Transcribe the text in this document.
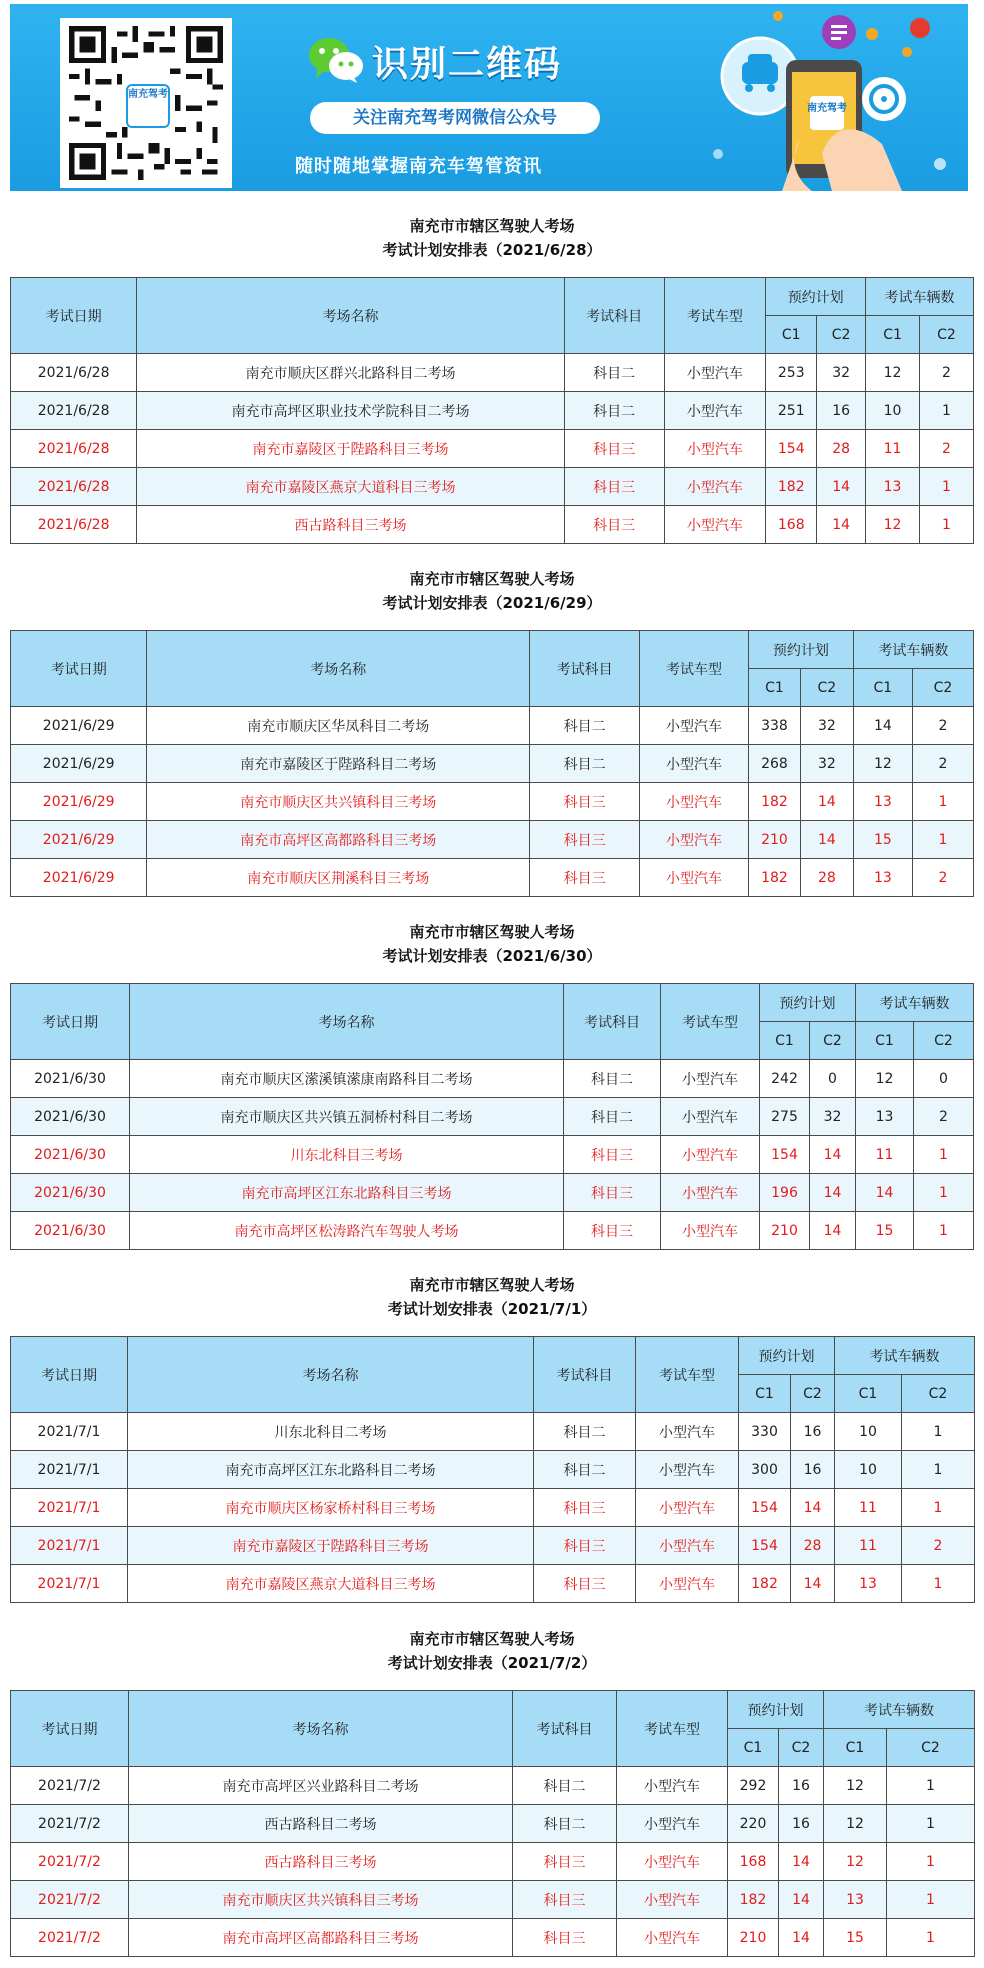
南充驾考
识别二维码
关注南充驾考网微信公众号
随时随地掌握南充车驾管资讯
南充驾考
南充市市辖区驾驶人考场
考试计划安排表（2021/6/28）
考试日期	考场名称	考试科目	考试车型	预约计划		考试车辆数	
				C1	C2	C1	C2
2021/6/28	南充市顺庆区群兴北路科目二考场	科目二	小型汽车	253	32	12	2
2021/6/28	南充市高坪区职业技术学院科目二考场	科目二	小型汽车	251	16	10	1
2021/6/28	南充市嘉陵区于陛路科目三考场	科目三	小型汽车	154	28	11	2
2021/6/28	南充市嘉陵区燕京大道科目三考场	科目三	小型汽车	182	14	13	1
2021/6/28	西古路科目三考场	科目三	小型汽车	168	14	12	1
南充市市辖区驾驶人考场
考试计划安排表（2021/6/29）
考试日期	考场名称	考试科目	考试车型	预约计划		考试车辆数	
				C1	C2	C1	C2
2021/6/29	南充市顺庆区华凤科目二考场	科目二	小型汽车	338	32	14	2
2021/6/29	南充市嘉陵区于陛路科目二考场	科目二	小型汽车	268	32	12	2
2021/6/29	南充市顺庆区共兴镇科目三考场	科目三	小型汽车	182	14	13	1
2021/6/29	南充市高坪区高都路科目三考场	科目三	小型汽车	210	14	15	1
2021/6/29	南充市顺庆区荆溪科目三考场	科目三	小型汽车	182	28	13	2
南充市市辖区驾驶人考场
考试计划安排表（2021/6/30）
考试日期	考场名称	考试科目	考试车型	预约计划		考试车辆数	
				C1	C2	C1	C2
2021/6/30	南充市顺庆区潆溪镇潆康南路科目二考场	科目二	小型汽车	242	0	12	0
2021/6/30	南充市顺庆区共兴镇五洞桥村科目二考场	科目二	小型汽车	275	32	13	2
2021/6/30	川东北科目三考场	科目三	小型汽车	154	14	11	1
2021/6/30	南充市高坪区江东北路科目三考场	科目三	小型汽车	196	14	14	1
2021/6/30	南充市高坪区松涛路汽车驾驶人考场	科目三	小型汽车	210	14	15	1
南充市市辖区驾驶人考场
考试计划安排表（2021/7/1）
考试日期	考场名称	考试科目	考试车型	预约计划		考试车辆数	
				C1	C2	C1	C2
2021/7/1	川东北科目二考场	科目二	小型汽车	330	16	10	1
2021/7/1	南充市高坪区江东北路科目二考场	科目二	小型汽车	300	16	10	1
2021/7/1	南充市顺庆区杨家桥村科目三考场	科目三	小型汽车	154	14	11	1
2021/7/1	南充市嘉陵区于陛路科目三考场	科目三	小型汽车	154	28	11	2
2021/7/1	南充市嘉陵区燕京大道科目三考场	科目三	小型汽车	182	14	13	1
南充市市辖区驾驶人考场
考试计划安排表（2021/7/2）
考试日期	考场名称	考试科目	考试车型	预约计划		考试车辆数	
				C1	C2	C1	C2
2021/7/2	南充市高坪区兴业路科目二考场	科目二	小型汽车	292	16	12	1
2021/7/2	西古路科目二考场	科目二	小型汽车	220	16	12	1
2021/7/2	西古路科目三考场	科目三	小型汽车	168	14	12	1
2021/7/2	南充市顺庆区共兴镇科目三考场	科目三	小型汽车	182	14	13	1
2021/7/2	南充市高坪区高都路科目三考场	科目三	小型汽车	210	14	15	1
